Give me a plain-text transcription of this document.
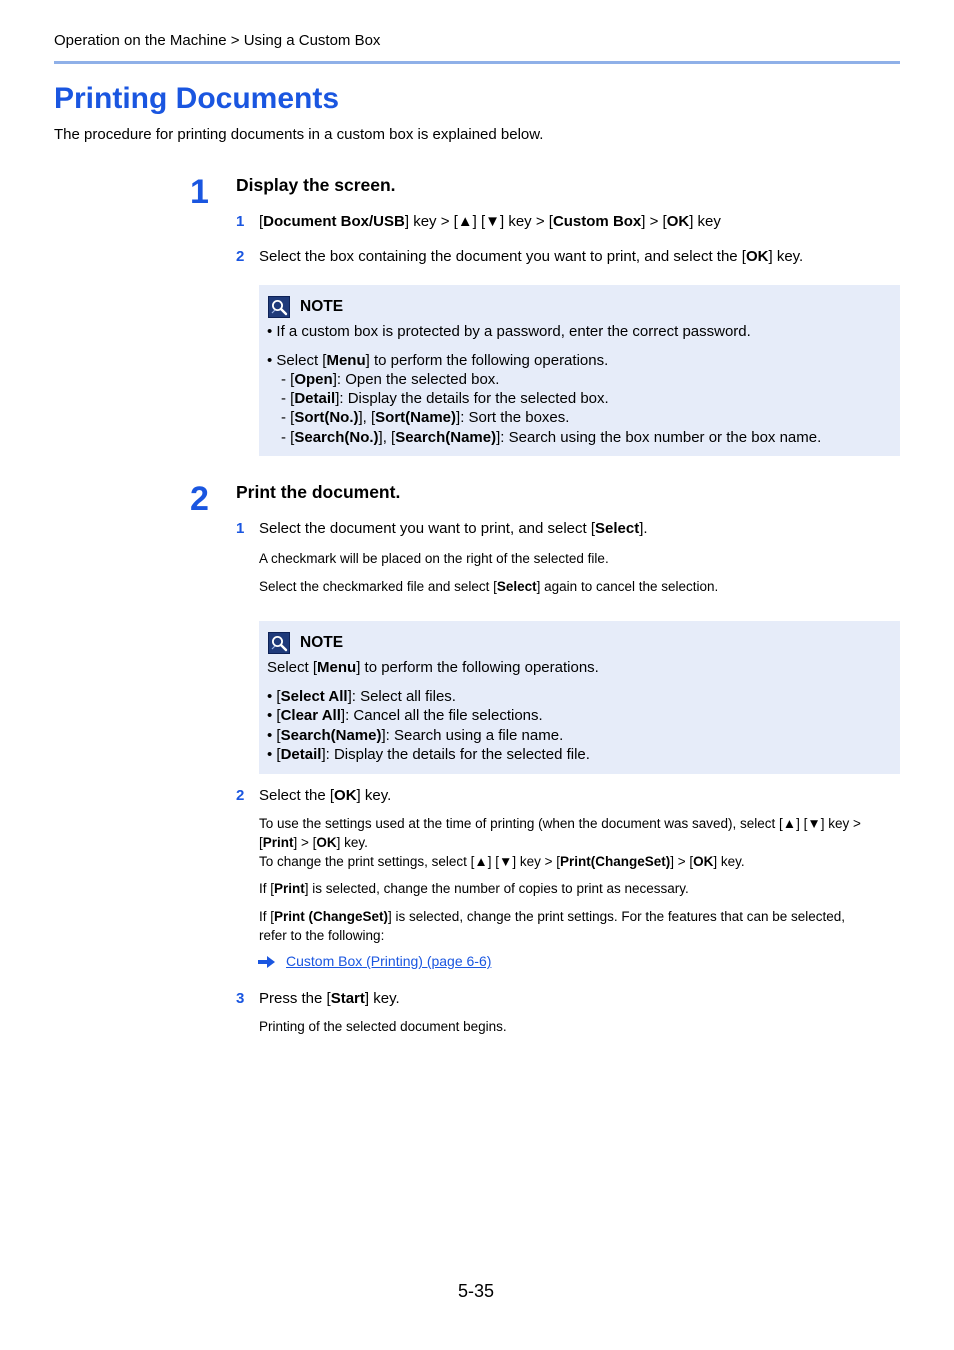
Operation on the Machine > Using a Custom Box
Printing Documents
The procedure for printing documents in a custom box is explained below.
1 Display the screen.
1 [Document Box/USB] key > [▲] [▼] key > [Custom Box] > [OK] key
2 Select the box containing the document you want to print, and select the [OK] key.
NOTE
• If a custom box is protected by a password, enter the correct password.
• Select [Menu] to perform the following operations.
- [Open]: Open the selected box.
- [Detail]: Display the details for the selected box.
- [Sort(No.)], [Sort(Name)]: Sort the boxes.
- [Search(No.)], [Search(Name)]: Search using the box number or the box name.
2 Print the document.
1 Select the document you want to print, and select [Select].
A checkmark will be placed on the right of the selected file.
Select the checkmarked file and select [Select] again to cancel the selection.
NOTE
Select [Menu] to perform the following operations.
• [Select All]: Select all files.
• [Clear All]: Cancel all the file selections.
• [Search(Name)]: Search using a file name.
• [Detail]: Display the details for the selected file.
2 Select the [OK] key.
To use the settings used at the time of printing (when the document was saved), select [▲] [▼] key >
[Print] > [OK] key.
To change the print settings, select [▲] [▼] key > [Print(ChangeSet)] > [OK] key.
If [Print] is selected, change the number of copies to print as necessary.
If [Print (ChangeSet)] is selected, change the print settings. For the features that can be selected,
refer to the following:
Custom Box (Printing) (page 6-6)
3 Press the [Start] key.
Printing of the selected document begins.
5-35
